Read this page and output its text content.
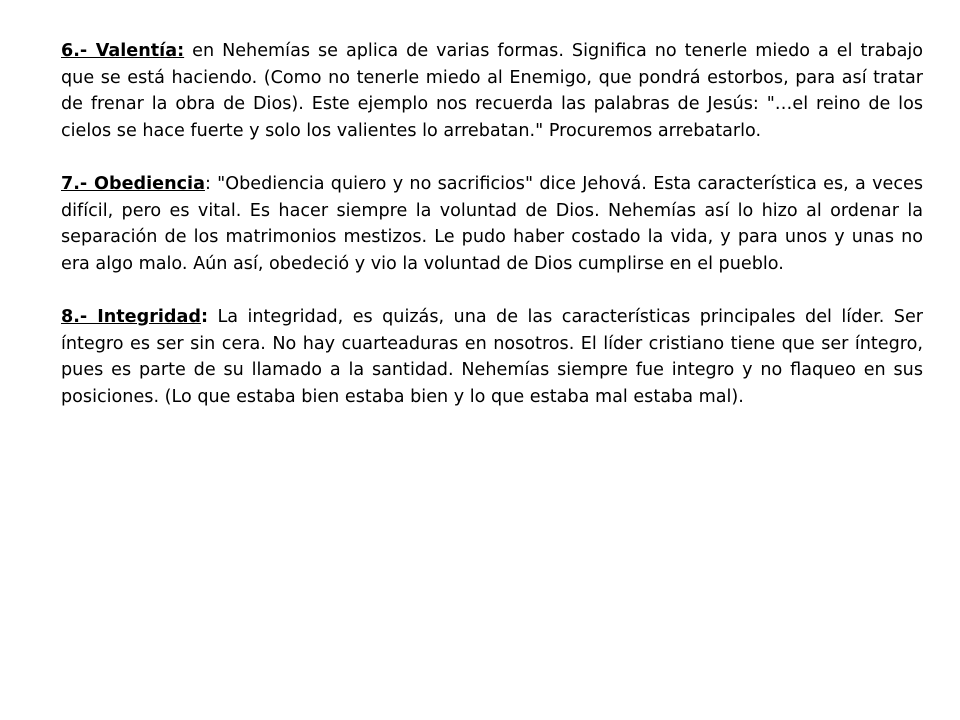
6.- Valentía: en Nehemías se aplica de varias formas. Significa no tenerle miedo a el trabajo que se está haciendo. (Como no tenerle miedo al Enemigo, que pondrá estorbos, para así tratar de frenar la obra de Dios). Este ejemplo nos recuerda las palabras de Jesús: "…el reino de los cielos se hace fuerte y solo los valientes lo arrebatan." Procuremos arrebatarlo.

7.- Obediencia: "Obediencia quiero y no sacrificios" dice Jehová. Esta característica es, a veces difícil, pero es vital. Es hacer siempre la voluntad de Dios. Nehemías así lo hizo al ordenar la separación de los matrimonios mestizos. Le pudo haber costado la vida, y para unos y unas no era algo malo. Aún así, obedeció y vio la voluntad de Dios cumplirse en el pueblo.

8.- Integridad: La integridad, es quizás, una de las características principales del líder. Ser íntegro es ser sin cera. No hay cuarteaduras en nosotros. El líder cristiano tiene que ser íntegro, pues es parte de su llamado a la santidad. Nehemías siempre fue integro y no flaqueo en sus posiciones. (Lo que estaba bien estaba bien y lo que estaba mal estaba mal).
